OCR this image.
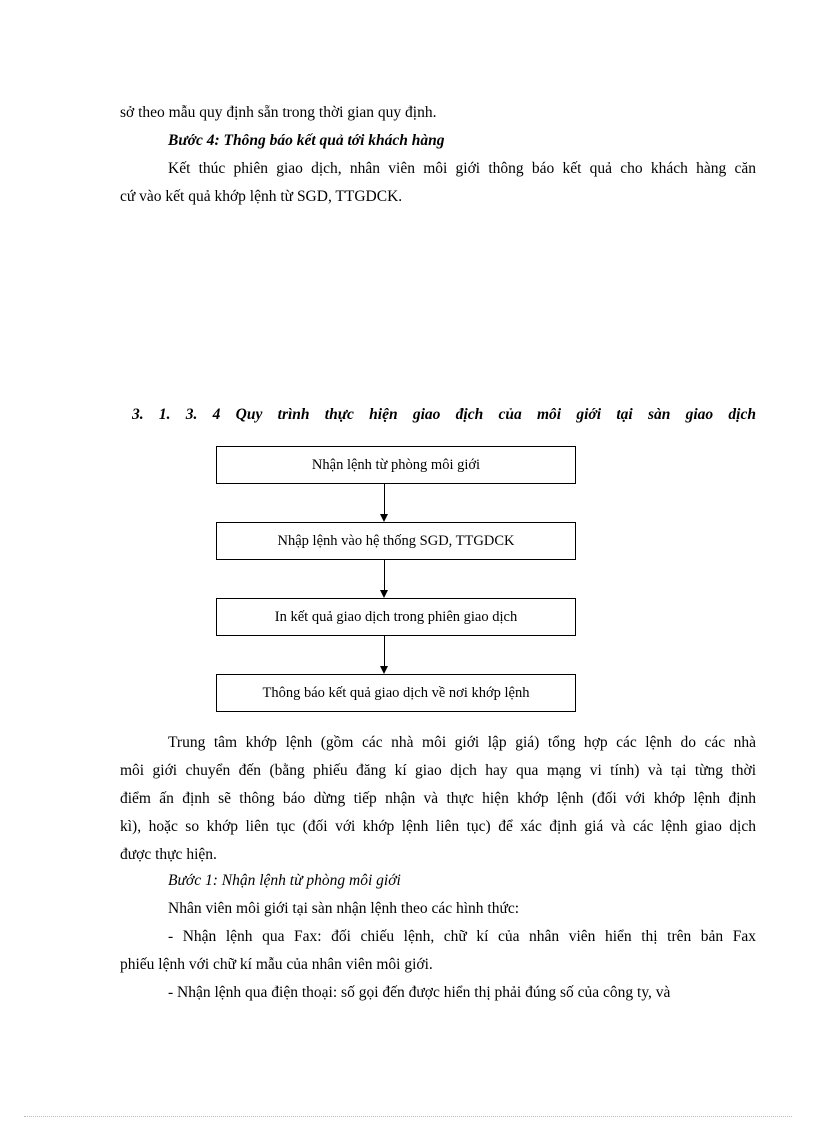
sở theo mẫu quy định sẵn trong thời gian quy định.
Bước 4: Thông báo kết quả tới khách hàng
Kết thúc phiên giao dịch, nhân viên môi giới thông báo kết quả cho khách hàng căn
cứ vào kết quả khớp lệnh từ SGD, TTGDCK.
3. 1. 3. 4 Quy trình thực hiện giao địch của môi giới tại sàn giao dịch
Nhận lệnh từ phòng môi giới
Nhập lệnh vào hệ thống SGD, TTGDCK
In kết quả giao dịch trong phiên giao dịch
Thông báo kết quả giao dịch về nơi khớp lệnh
Trung tâm khớp lệnh (gồm các nhà môi giới lập giá) tổng hợp các lệnh do các nhà
môi giới chuyển đến (bằng phiếu đăng kí giao dịch hay qua mạng vi tính) và tại từng thời
điểm ấn định sẽ thông báo dừng tiếp nhận và thực hiện khớp lệnh (đối với khớp lệnh định
kì), hoặc so khớp liên tục (đối với khớp lệnh liên tục) để xác định giá và các lệnh giao dịch
được thực hiện.
Bước 1: Nhận lệnh từ phòng môi giới
Nhân viên môi giới tại sàn nhận lệnh theo các hình thức:
- Nhận lệnh qua Fax: đối chiếu lệnh, chữ kí của nhân viên hiển thị trên bản Fax
phiếu lệnh với chữ kí mẫu của nhân viên môi giới.
- Nhận lệnh qua điện thoại: số gọi đến được hiển thị phải đúng số của công ty, và
